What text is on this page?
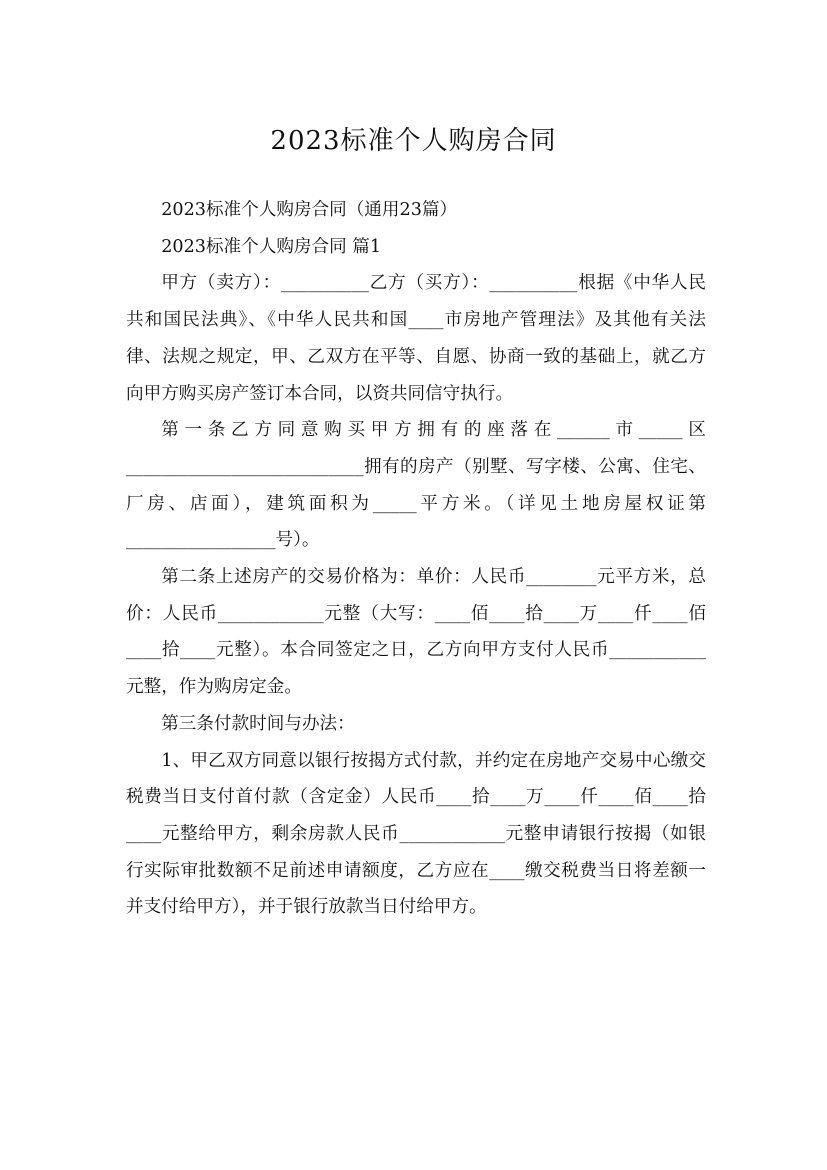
2023标准个人购房合同

2023标准个人购房合同（通用23篇）

2023标准个人购房合同 篇1

甲方（卖方）：__________乙方（买方）：__________根据《中华人民共和国民法典》、《中华人民共和国____市房地产管理法》及其他有关法律、法规之规定，甲、乙双方在平等、自愿、协商一致的基础上，就乙方向甲方购买房产签订本合同，以资共同信守执行。

第一条乙方同意购买甲方拥有的座落在______市_____区___________________________拥有的房产（别墅、写字楼、公寓、住宅、厂房、店面），建筑面积为_____平方米。（详见土地房屋权证第_________________号）。

第二条上述房产的交易价格为：单价：人民币________元平方米，总价：人民币____________元整（大写：____佰____拾____万____仟____佰____拾____元整）。本合同签定之日，乙方向甲方支付人民币___________元整，作为购房定金。

第三条付款时间与办法：

1、甲乙双方同意以银行按揭方式付款，并约定在房地产交易中心缴交税费当日支付首付款（含定金）人民币____拾____万____仟____佰____拾____元整给甲方，剩余房款人民币____________元整申请银行按揭（如银行实际审批数额不足前述申请额度，乙方应在____缴交税费当日将差额一并支付给甲方），并于银行放款当日付给甲方。
